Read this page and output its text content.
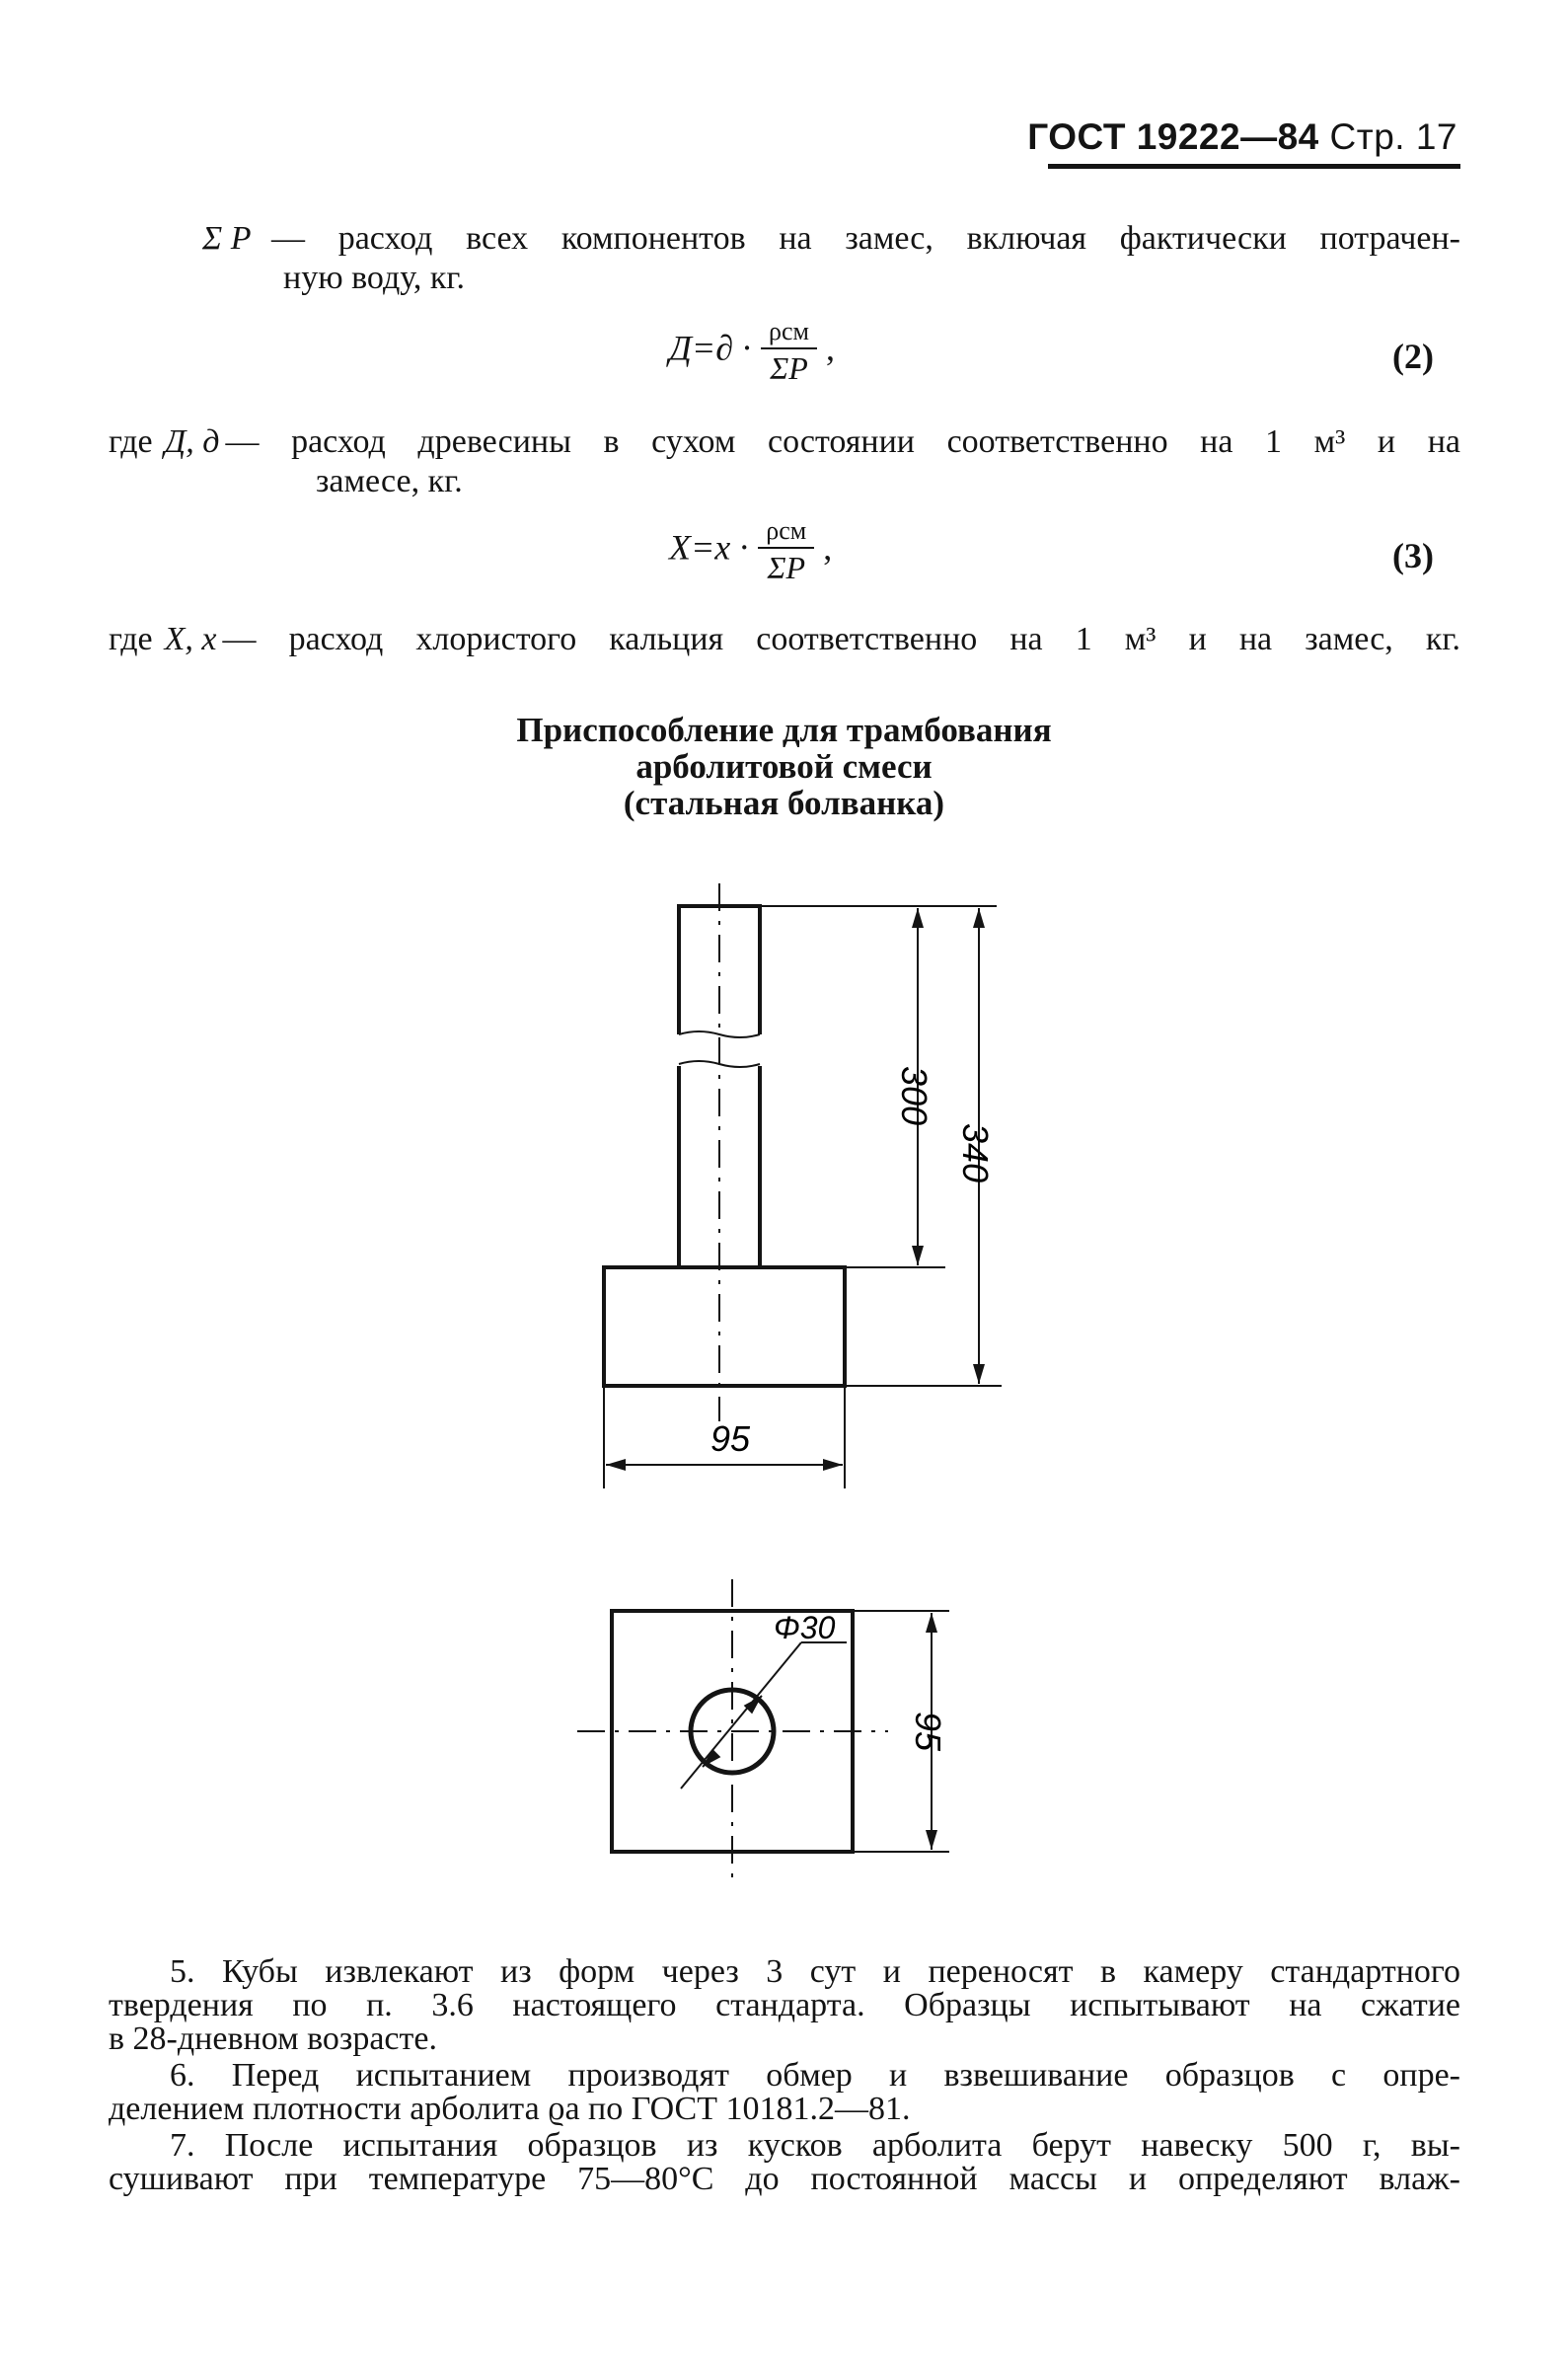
ГОСТ 19222—84 Стр. 17
Σ P — расход всех компонентов на замес, включая фактически потрачен-
ную воду, кг.
$Д=\partial \cdot \frac{\text{ρсм}}{\Sigma P}$ ,	(2)
где Д, д — расход древесины в сухом состоянии соответственно на 1 м³ и на
замесе, кг.
$X=x \cdot \frac{\text{ρсм}}{\Sigma P}$ ,	(3)
где X, x — расход хлористого кальция соответственно на 1 м³ и на замес, кг.
Приспособление для трамбования
арболитовой смеси
(стальная болванка)
300
340
95
Φ30
95
5. Кубы извлекают из форм через 3 сут и переносят в камеру стандартного
твердения по п. 3.6 настоящего стандарта. Образцы испытывают на сжатие
в 28-дневном возрасте.
6. Перед испытанием производят обмер и взвешивание образцов с опре-
делением плотности арболита ϱа по ГОСТ 10181.2—81.
7. После испытания образцов из кусков арболита берут навеску 500 г, вы-
сушивают при температуре 75—80°С до постоянной массы и определяют влаж-
